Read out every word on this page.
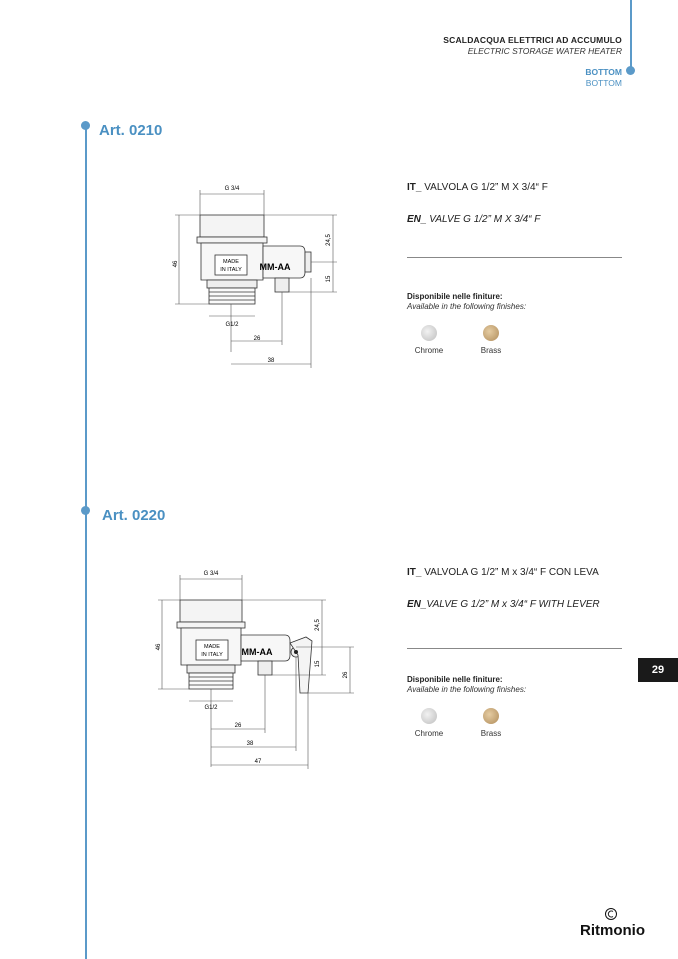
SCALDACQUA ELETTRICI AD ACCUMULO
ELECTRIC STORAGE WATER HEATER
BOTTOM
BOTTOM
Art. 0210
MADE
IN ITALY MM-AA
G 3/4
46
24,5
15
G1/2
26
38
IT_ VALVOLA G 1/2” M X 3/4“ F
EN_ VALVE G 1/2” M X 3/4“ F
Disponibile nelle finiture:
Available in the following finishes:
Chrome	Brass
Art. 0220
MADE
IN ITALY MM-AA
G 3/4
46
24,5
15
26
G1/2
26
38
47
IT_ VALVOLA G 1/2” M x 3/4“ F CON LEVA
EN_VALVE G 1/2” M x 3/4“ F WITH LEVER
Disponibile nelle finiture:
Available in the following finishes:
Chrome	Brass
29
Ritmonio
